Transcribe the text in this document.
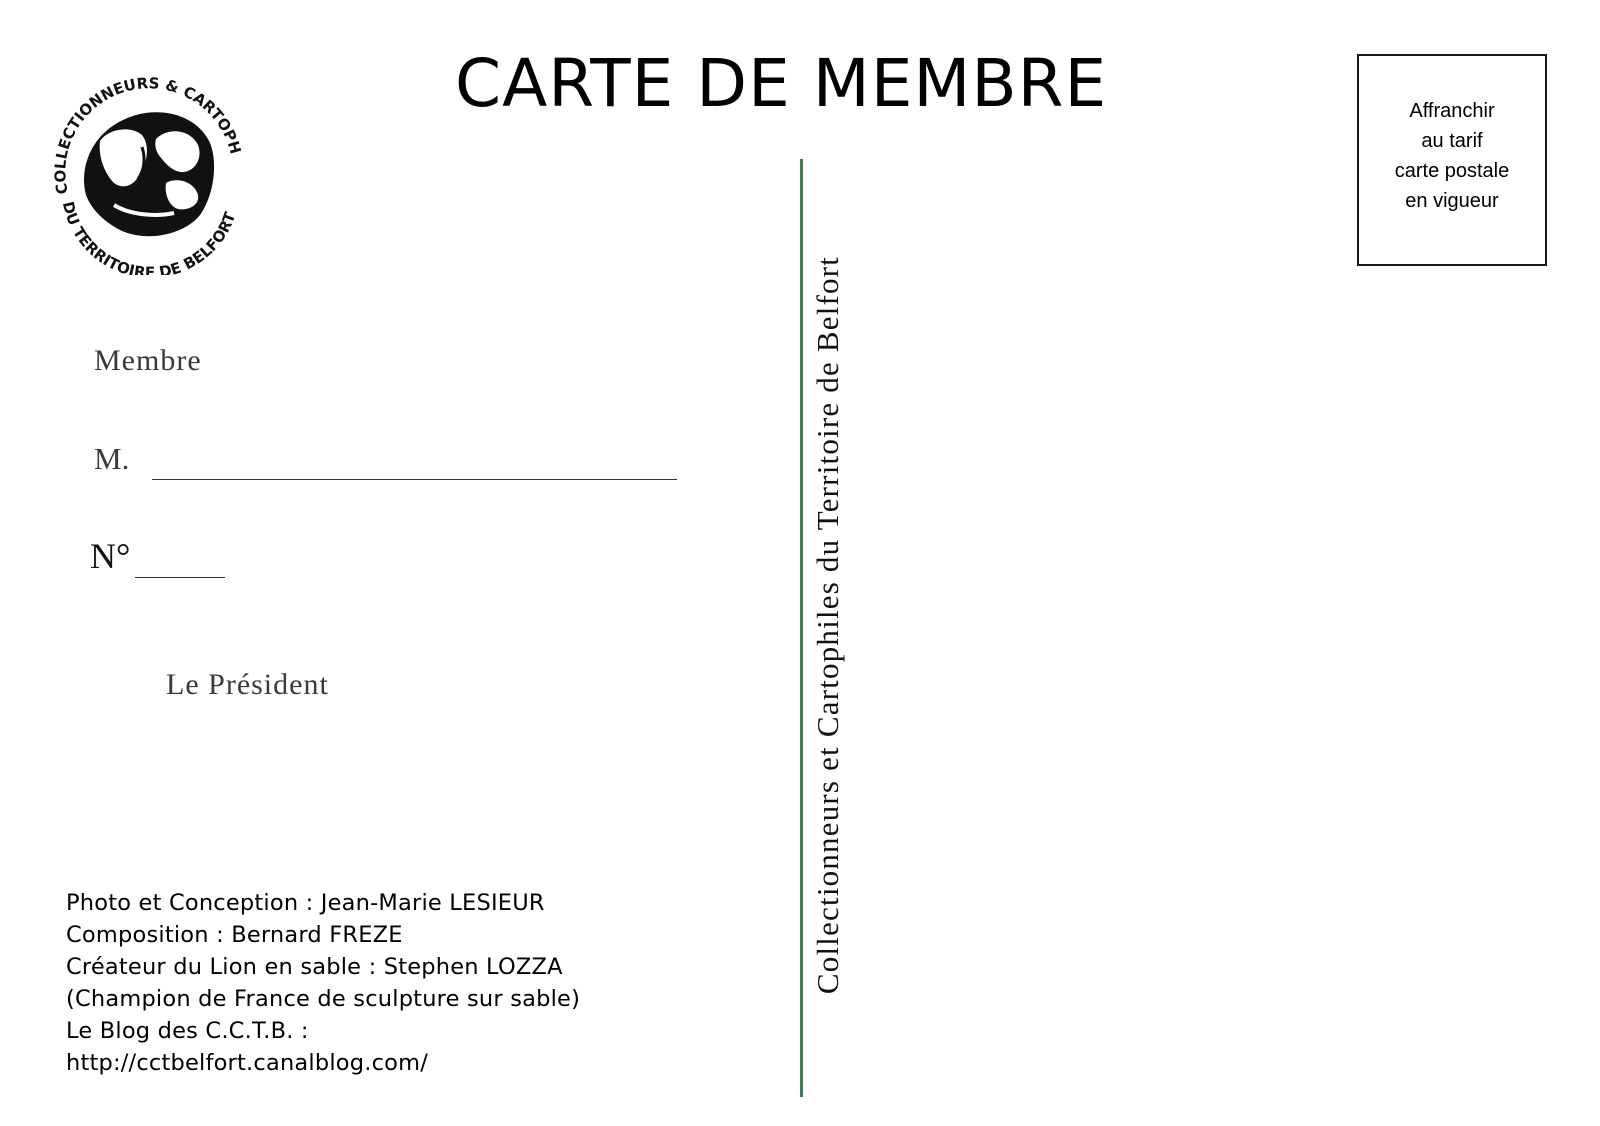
COLLECTIONNEURS & CARTOPH
DU TERRITOIRE DE BELFORT
CARTE DE MEMBRE	Affranchir
au tarif
carte postale
en vigueur
Membre
M.
N°
Le Président
Photo et Conception : Jean-Marie LESIEUR
Composition : Bernard FREZE
Créateur du Lion en sable : Stephen LOZZA
(Champion de France de sculpture sur sable)
Le Blog des C.C.T.B. :
http://cctbelfort.canalblog.com/
Collectionneurs et Cartophiles du Territoire de Belfort
